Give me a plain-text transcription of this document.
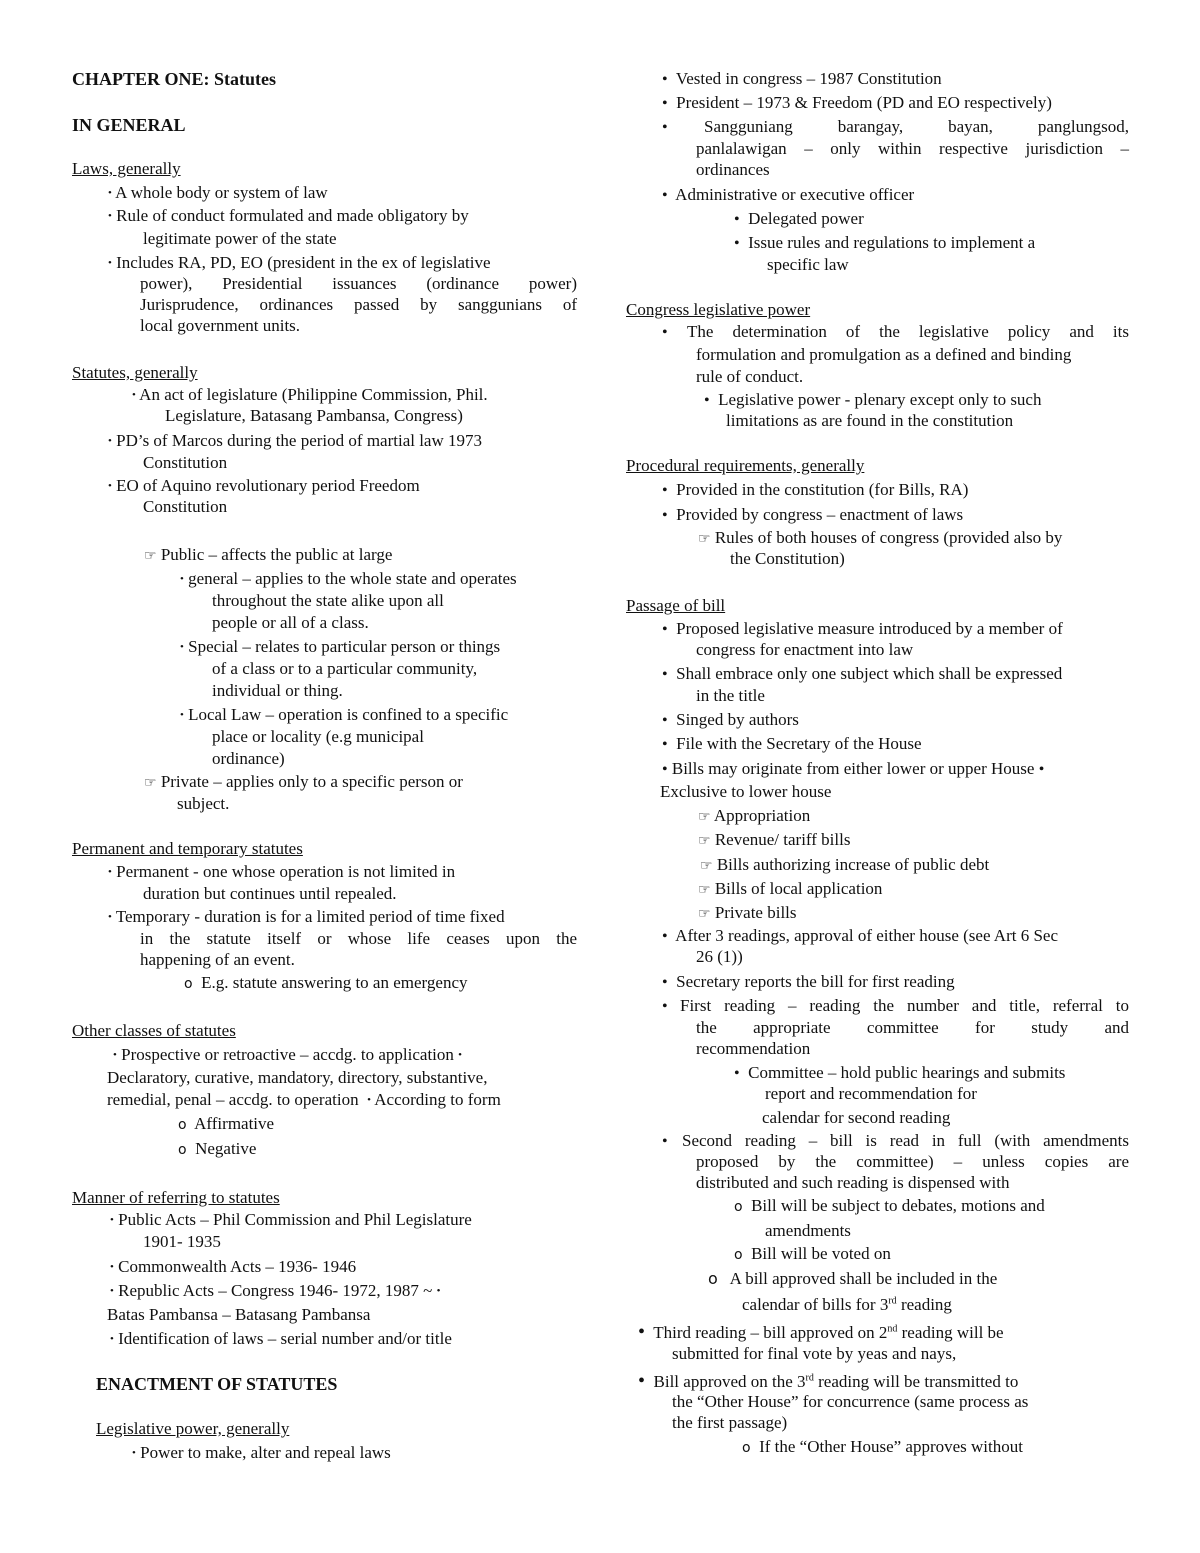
CHAPTER ONE: Statutes
IN GENERAL
Laws, generally
• A whole body or system of law
• Rule of conduct formulated and made obligatory by
legitimate power of the state
• Includes RA, PD, EO (president in the ex of legislative
power), Presidential issuances (ordinance power)
Jurisprudence, ordinances passed by sanggunians of
local government units.
Statutes, generally
• An act of legislature (Philippine Commission, Phil.
Legislature, Batasang Pambansa, Congress)
• PD’s of Marcos during the period of martial law 1973
Constitution
• EO of Aquino revolutionary period Freedom
Constitution
☞ Public – affects the public at large
• general – applies to the whole state and operates
throughout the state alike upon all
people or all of a class.
• Special – relates to particular person or things
of a class or to a particular community,
individual or thing.
• Local Law – operation is confined to a specific
place or locality (e.g municipal
ordinance)
☞ Private – applies only to a specific person or
subject.
Permanent and temporary statutes
• Permanent - one whose operation is not limited in
duration but continues until repealed.
• Temporary - duration is for a limited period of time fixed
in the statute itself or whose life ceases upon the
happening of an event.
o E.g. statute answering to an emergency
Other classes of statutes
• Prospective or retroactive – accdg. to application •
Declaratory, curative, mandatory, directory, substantive,
remedial, penal – accdg. to operation • According to form
o Affirmative
o Negative
Manner of referring to statutes
• Public Acts – Phil Commission and Phil Legislature
1901- 1935
• Commonwealth Acts – 1936- 1946
• Republic Acts – Congress 1946- 1972, 1987 ~ •
Batas Pambansa – Batasang Pambansa
• Identification of laws – serial number and/or title
ENACTMENT OF STATUTES
Legislative power, generally
• Power to make, alter and repeal laws
• Vested in congress – 1987 Constitution
• President – 1973 & Freedom (PD and EO respectively)
• Sangguniang barangay, bayan, panglungsod,
panlalawigan – only within respective jurisdiction –
ordinances
• Administrative or executive officer
• Delegated power
• Issue rules and regulations to implement a
specific law
Congress legislative power
• The determination of the legislative policy and its
formulation and promulgation as a defined and binding
rule of conduct.
• Legislative power - plenary except only to such
limitations as are found in the constitution
Procedural requirements, generally
• Provided in the constitution (for Bills, RA)
• Provided by congress – enactment of laws
☞ Rules of both houses of congress (provided also by
the Constitution)
Passage of bill
• Proposed legislative measure introduced by a member of
congress for enactment into law
• Shall embrace only one subject which shall be expressed
in the title
• Singed by authors
• File with the Secretary of the House
• Bills may originate from either lower or upper House •
Exclusive to lower house
☞ Appropriation
☞ Revenue/ tariff bills
☞ Bills authorizing increase of public debt
☞ Bills of local application
☞ Private bills
• After 3 readings, approval of either house (see Art 6 Sec
26 (1))
• Secretary reports the bill for first reading
• First reading – reading the number and title, referral to
the appropriate committee for study and
recommendation
• Committee – hold public hearings and submits
report and recommendation for
calendar for second reading
• Second reading – bill is read in full (with amendments
proposed by the committee) – unless copies are
distributed and such reading is dispensed with
o Bill will be subject to debates, motions and
amendments
o Bill will be voted on
o A bill approved shall be included in the
calendar of bills for 3rd reading
• Third reading – bill approved on 2nd reading will be
submitted for final vote by yeas and nays,
• Bill approved on the 3rd reading will be transmitted to
the “Other House” for concurrence (same process as
the first passage)
o If the “Other House” approves without
